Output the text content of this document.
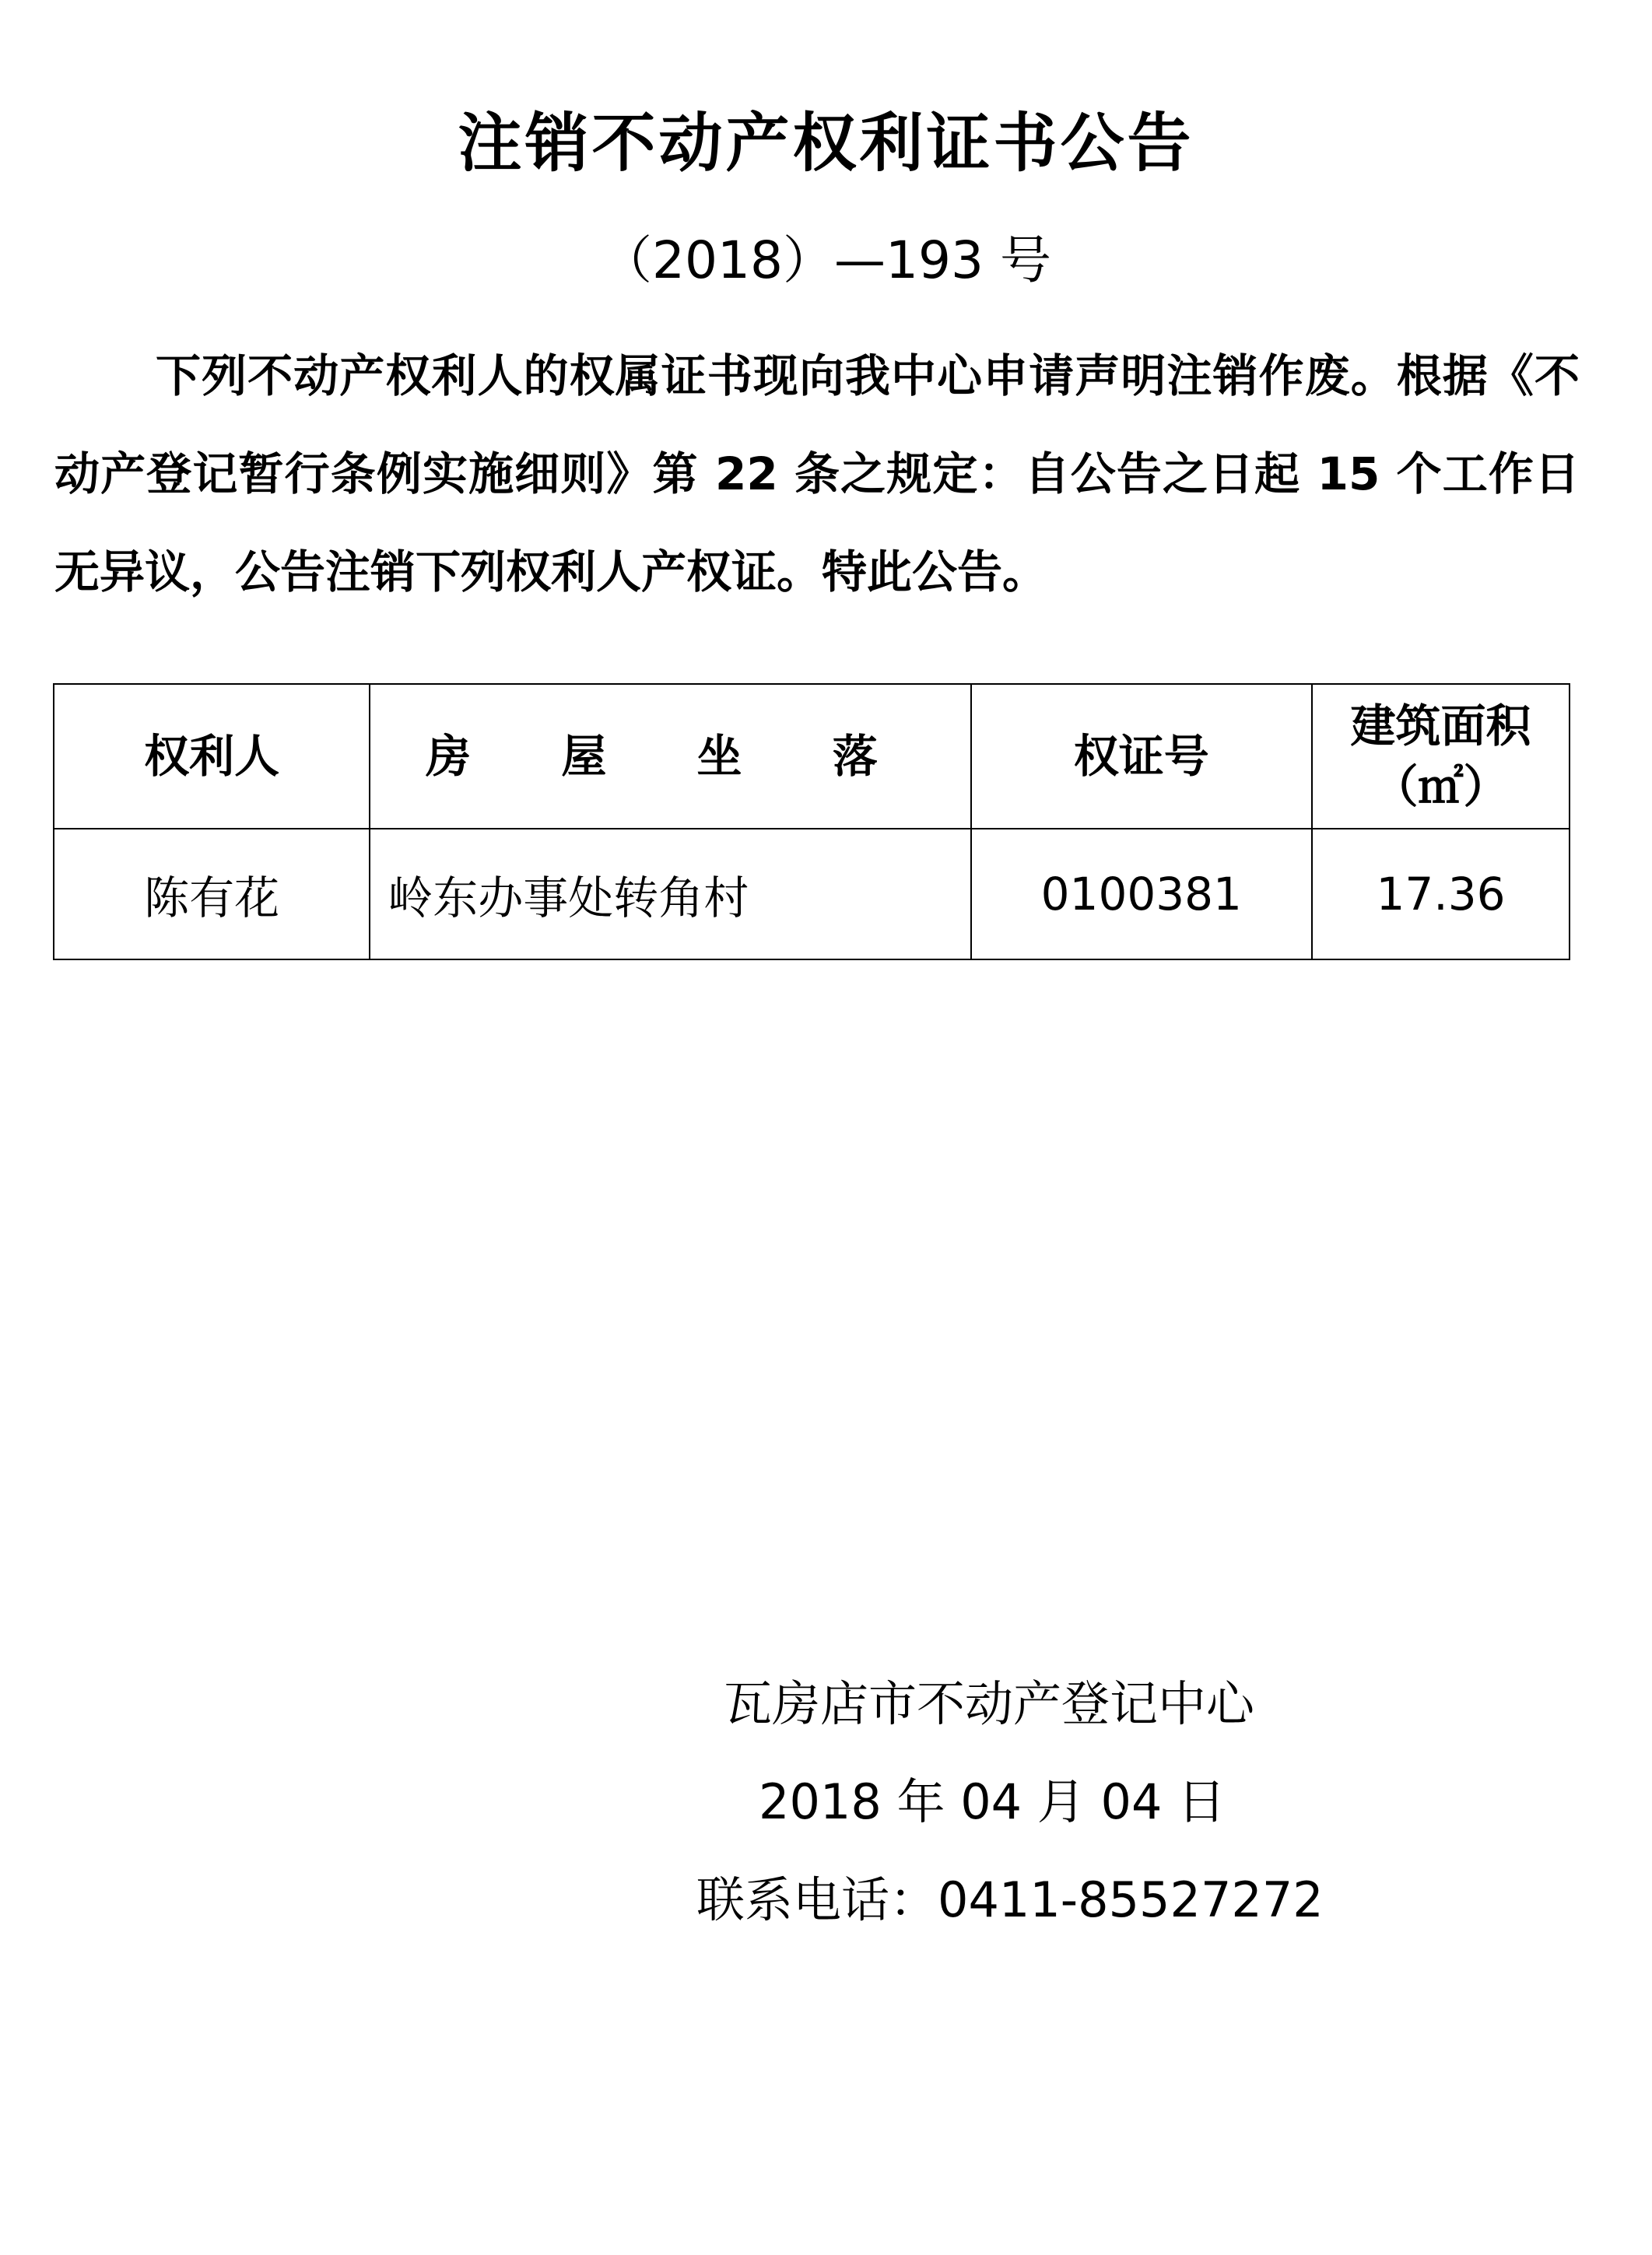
注销不动产权利证书公告
（2018）—193 号

下列不动产权利人的权属证书现向我中心申请声明注销作废。根据《不动产登记暂行条例实施细则》第 22 条之规定：自公告之日起 15 个工作日无异议，公告注销下列权利人产权证。特此公告。

权利人	房 屋 坐 落	权证号	建筑面积
（㎡）

陈有花	岭东办事处转角村	0100381	17.36
瓦房店市不动产登记中心
2018 年 04 月 04 日
联系电话：0411-85527272
